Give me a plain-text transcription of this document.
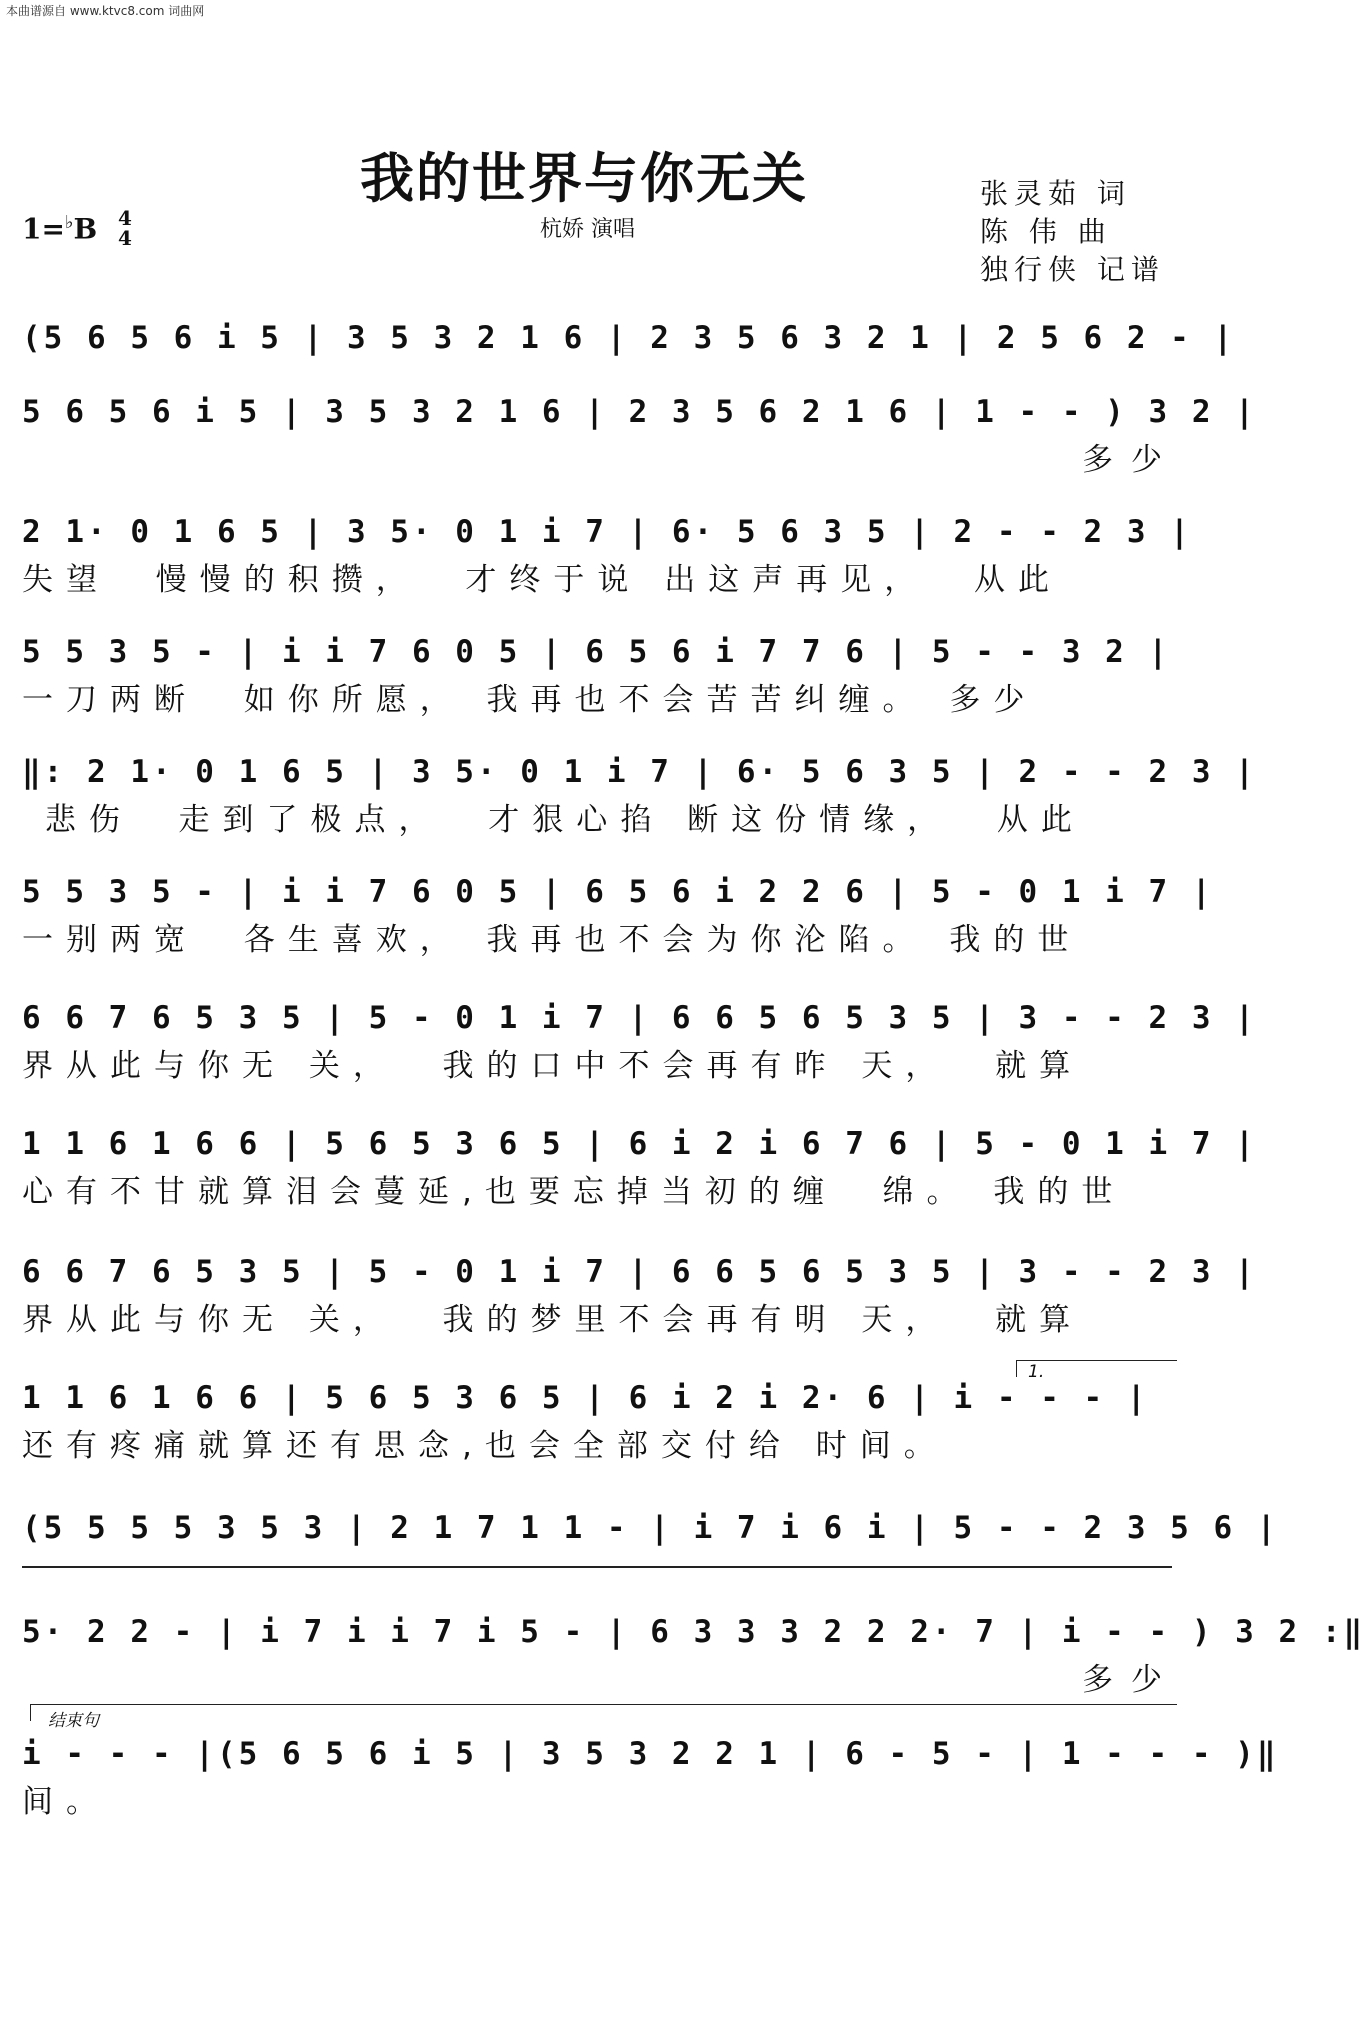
本曲谱源自 www.ktvc8.com 词曲网
我的世界与你无关
杭娇 演唱
张灵茹 词
陈 伟 曲
独行侠 记谱
1=♭B 4
4
(5 6 5 6 i 5 | 3 5 3 2 1 6 | 2 3 5 6 3 2 1 | 2 5 6 2 - |
5 6 5 6 i 5 | 3 5 3 2 1 6 | 2 3 5 6 2 1 6 | 1 - - ) 3 2 |
多少
2 1· 0 1 6 5 | 3 5· 0 1 i 7 | 6· 5 6 3 5 | 2 - - 2 3 |
失望  慢慢的积攒，  才终于说 出这声再见，  从此
5 5 3 5 - | i i 7 6 0 5 | 6 5 6 i 7 7 6 | 5 - - 3 2 |
一刀两断  如你所愿， 我再也不会苦苦纠缠。 多少
‖: 2 1· 0 1 6 5 | 3 5· 0 1 i 7 | 6· 5 6 3 5 | 2 - - 2 3 |
悲伤  走到了极点，  才狠心掐 断这份情缘，  从此
5 5 3 5 - | i i 7 6 0 5 | 6 5 6 i 2 2 6 | 5 - 0 1 i 7 |
一别两宽  各生喜欢， 我再也不会为你沦陷。 我的世
6 6 7 6 5 3 5 | 5 - 0 1 i 7 | 6 6 5 6 5 3 5 | 3 - - 2 3 |
界从此与你无 关，  我的口中不会再有昨 天，  就算
1 1 6 1 6 6 | 5 6 5 3 6 5 | 6 i 2 i 6 7 6 | 5 - 0 1 i 7 |
心有不甘就算泪会蔓延,也要忘掉当初的缠  绵。 我的世
6 6 7 6 5 3 5 | 5 - 0 1 i 7 | 6 6 5 6 5 3 5 | 3 - - 2 3 |
界从此与你无 关，  我的梦里不会再有明 天，  就算
1.
1 1 6 1 6 6 | 5 6 5 3 6 5 | 6 i 2 i 2· 6 | i - - - |
还有疼痛就算还有思念,也会全部交付给 时间。
(5 5 5 5 3 5 3 | 2 1 7 1 1 - | i 7 i 6 i | 5 - - 2 3 5 6 |
5· 2 2 - | i 7 i i 7 i 5 - | 6 3 3 3 2 2 2· 7 | i - - ) 3 2 :‖
多少
结束句
i - - - |(5 6 5 6 i 5 | 3 5 3 2 2 1 | 6 - 5 - | 1 - - - )‖
间。
